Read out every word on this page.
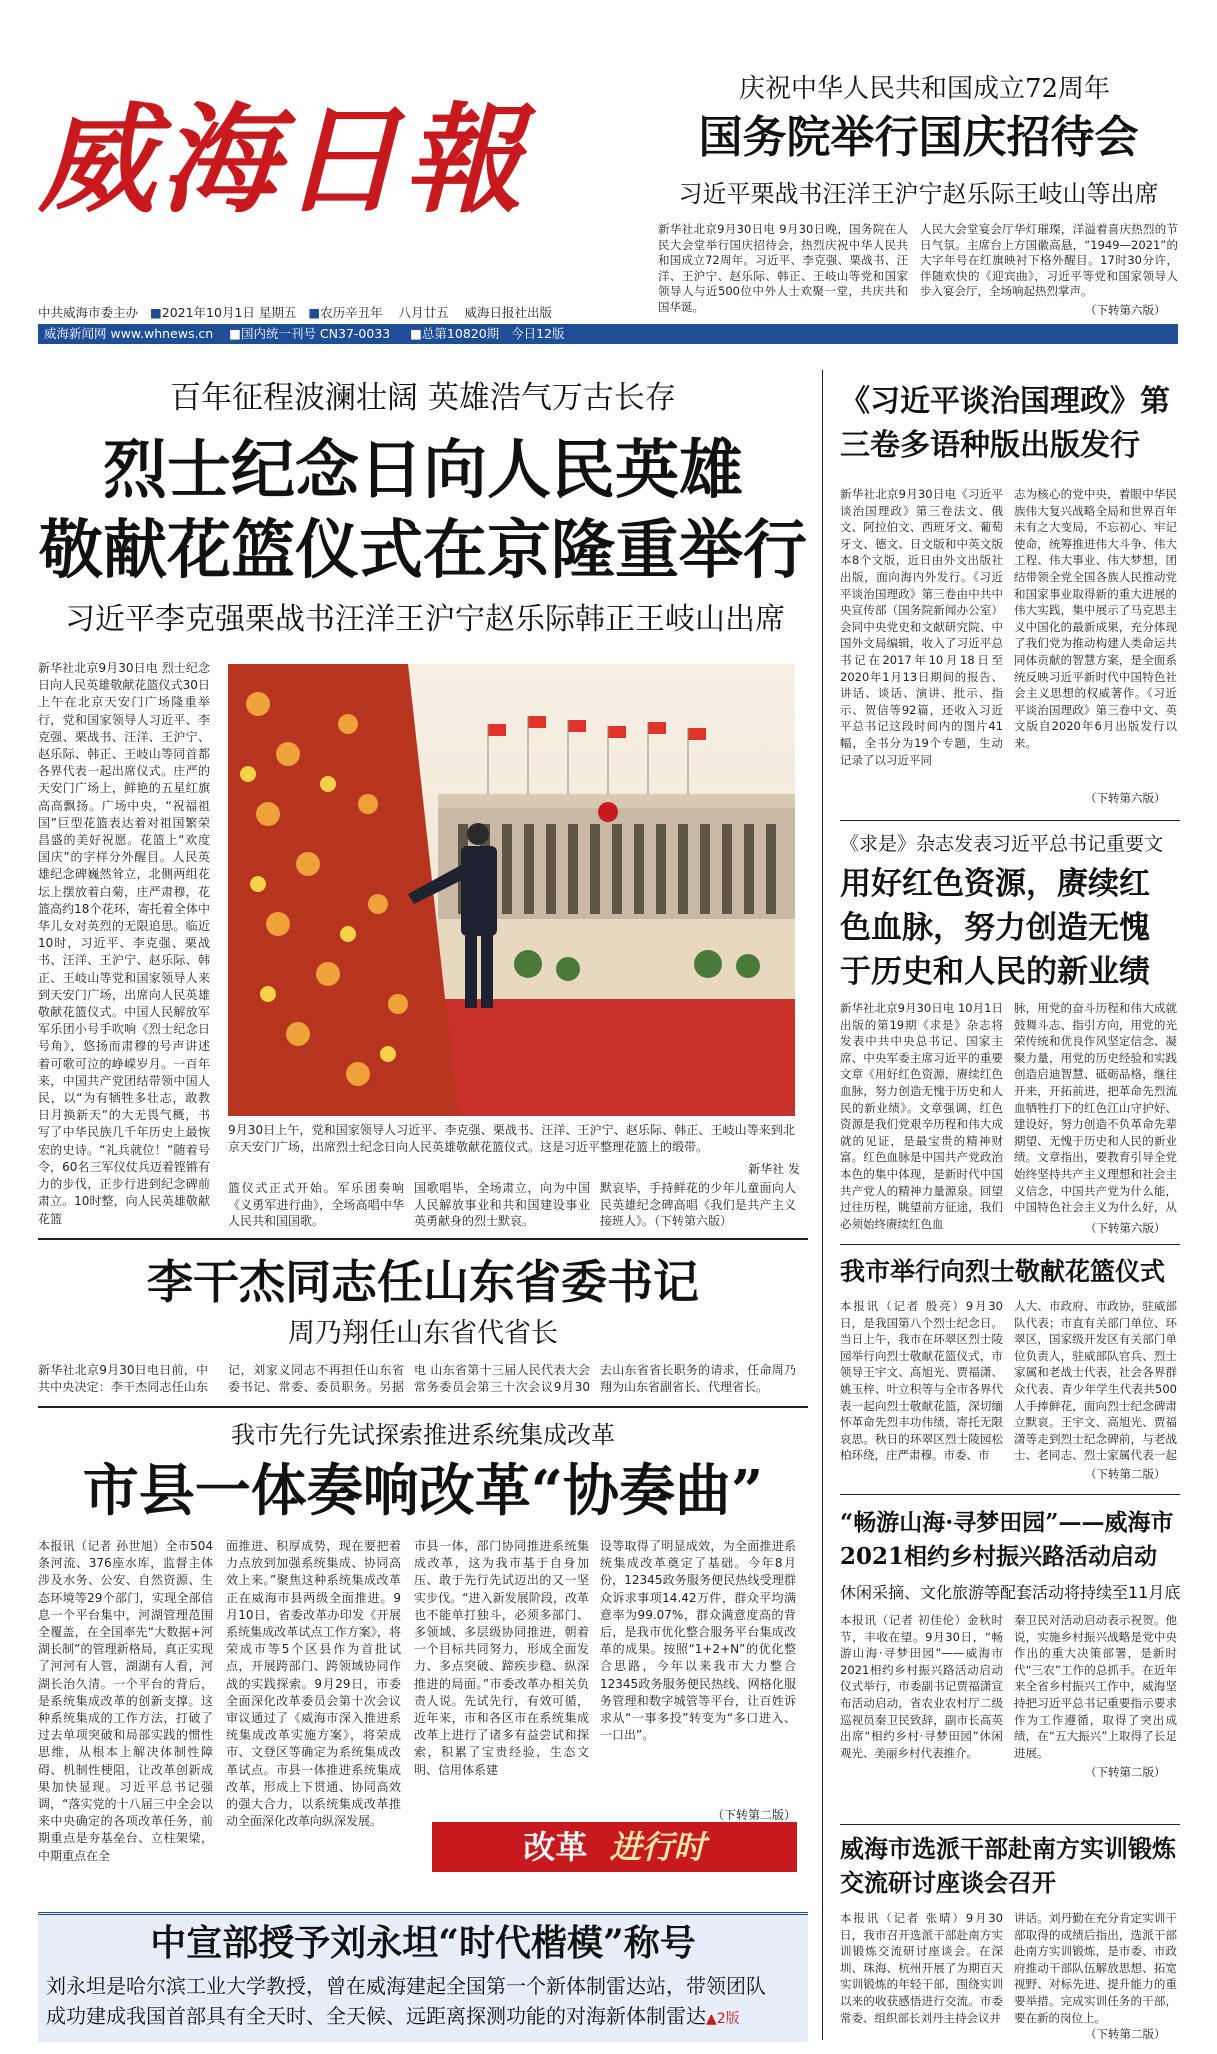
威海日報
中共威海市委主办 ■2021年10月1日 星期五 ■农历辛丑年 八月廿五 威海日报社出版
威海新闻网 www.whnews.cn ■国内统一刊号 CN37-0033 ■总第10820期 今日12版
庆祝中华人民共和国成立72周年
国务院举行国庆招待会
习近平栗战书汪洋王沪宁赵乐际王岐山等出席
新华社北京9月30日电 9月30日晚，国务院在人民大会堂举行国庆招待会，热烈庆祝中华人民共和国成立72周年。习近平、李克强、栗战书、汪洋、王沪宁、赵乐际、韩正、王岐山等党和国家领导人与近500位中外人士欢聚一堂，共庆共和国华诞。
人民大会堂宴会厅华灯璀璨，洋溢着喜庆热烈的节日气氛。主席台上方国徽高悬，“1949—2021”的大字年号在红旗映衬下格外醒目。17时30分许，伴随欢快的《迎宾曲》，习近平等党和国家领导人步入宴会厅，全场响起热烈掌声。
（下转第六版）
百年征程波澜壮阔 英雄浩气万古长存
烈士纪念日向人民英雄
敬献花篮仪式在京隆重举行
习近平李克强栗战书汪洋王沪宁赵乐际韩正王岐山出席
新华社北京9月30日电 烈士纪念日向人民英雄敬献花篮仪式30日上午在北京天安门广场隆重举行，党和国家领导人习近平、李克强、栗战书、汪洋、王沪宁、赵乐际、韩正、王岐山等同首都各界代表一起出席仪式。庄严的天安门广场上，鲜艳的五星红旗高高飘扬。广场中央，“祝福祖国”巨型花篮表达着对祖国繁荣昌盛的美好祝愿。花篮上“欢度国庆”的字样分外醒目。人民英雄纪念碑巍然耸立，北侧两组花坛上摆放着白菊，庄严肃穆，花篮高约18个花环，寄托着全体中华儿女对英烈的无限追思。临近10时，习近平、李克强、栗战书、汪洋、王沪宁、赵乐际、韩正、王岐山等党和国家领导人来到天安门广场，出席向人民英雄敬献花篮仪式。中国人民解放军军乐团小号手吹响《烈士纪念日号角》，悠扬而肃穆的号声讲述着可歌可泣的峥嵘岁月。一百年来，中国共产党团结带领中国人民，以“为有牺牲多壮志，敢教日月换新天”的大无畏气概，书写了中华民族几千年历史上最恢宏的史诗。“礼兵就位！”随着号令，60名三军仪仗兵迈着铿锵有力的步伐，正步行进到纪念碑前肃立。10时整，向人民英雄敬献花篮
9月30日上午，党和国家领导人习近平、李克强、栗战书、汪洋、王沪宁、赵乐际、韩正、王岐山等来到北京天安门广场，出席烈士纪念日向人民英雄敬献花篮仪式。这是习近平整理花篮上的缎带。
新华社 发
篮仪式正式开始。军乐团奏响《义勇军进行曲》，全场高唱中华人民共和国国歌。
国歌唱毕，全场肃立，向为中国人民解放事业和共和国建设事业英勇献身的烈士默哀。
默哀毕，手持鲜花的少年儿童面向人民英雄纪念碑高唱《我们是共产主义接班人》。（下转第六版）
李干杰同志任山东省委书记
周乃翔任山东省代省长
新华社北京9月30日电日前，中共中央决定：李干杰同志任山东
记，刘家义同志不再担任山东省委书记、常委、委员职务。另据
电 山东省第十三届人民代表大会常务委员会第三十次会议9月30
去山东省省长职务的请求，任命周乃翔为山东省副省长、代理省长。
我市先行先试探索推进系统集成改革
市县一体奏响改革“协奏曲”
本报讯（记者 孙世旭）全市504条河流、376座水库，监督主体涉及水务、公安、自然资源、生态环境等29个部门，实现全部信息一个平台集中，河湖管理范围全覆盖，在全国率先“大数据+河湖长制”的管理新格局，真正实现了河河有人管，湖湖有人看，河湖长治久清。一个平台的背后，是系统集成改革的创新支撑。这种系统集成的工作方法，打破了过去单项突破和局部实践的惯性思维，从根本上解决体制性障碍、机制性梗阻，让改革创新成果加快显现。习近平总书记强调，“落实党的十八届三中全会以来中央确定的各项改革任务，前期重点是夯基垒台、立柱架梁，中期重点在全
面推进、积厚成势，现在要把着力点放到加强系统集成、协同高效上来。”聚焦这种系统集成改革正在威海市县两级全面推进。9月10日，省委改革办印发《开展系统集成改革试点工作方案》，将荣成市等5个区县作为首批试点，开展跨部门、跨领域协同作战的实践探索。9月29日，市委全面深化改革委员会第十次会议审议通过了《威海市深入推进系统集成改革实施方案》，将荣成市、文登区等确定为系统集成改革试点。市县一体推进系统集成改革，形成上下贯通、协同高效的强大合力，以系统集成改革推动全面深化改革向纵深发展。
市县一体，部门协同推进系统集成改革，这为我市基于自身加压、敢于先行先试迈出的又一坚实步伐。“进入新发展阶段，改革也不能单打独斗，必须多部门、多领域、多层级协同推进，朝着一个目标共同努力，形成全面发力、多点突破、蹄疾步稳、纵深推进的局面。”市委改革办相关负责人说。先试先行，有效可循，近年来，市和各区市在系统集成改革上进行了诸多有益尝试和探索，积累了宝贵经验，生态文明、信用体系建
设等取得了明显成效，为全面推进系统集成改革奠定了基础。今年8月份，12345政务服务便民热线受理群众诉求事项14.42万件，群众平均满意率为99.07%，群众满意度高的背后，是我市优化整合服务平台集成改革的成果。按照“1+2+N”的优化整合思路，今年以来我市大力整合12345政务服务便民热线、网格化服务管理和数字城管等平台，让百姓诉求从“一事多投”转变为“多口进入、一口出”。
（下转第二版）
改革 进行时
中宣部授予刘永坦“时代楷模”称号
刘永坦是哈尔滨工业大学教授，曾在威海建起全国第一个新体制雷达站，带领团队
成功建成我国首部具有全天时、全天候、远距离探测功能的对海新体制雷达▲2版
《习近平谈治国理政》第三卷多语种版出版发行
新华社北京9月30日电《习近平谈治国理政》第三卷法文、俄文、阿拉伯文、西班牙文、葡萄牙文、德文、日文版和中英文版本8个文版，近日由外文出版社出版，面向海内外发行。《习近平谈治国理政》第三卷由中共中央宣传部（国务院新闻办公室）会同中央党史和文献研究院、中国外文局编辑，收入了习近平总书记在2017年10月18日至2020年1月13日期间的报告、讲话、谈话、演讲、批示、指示、贺信等92篇，还收入习近平总书记这段时间内的图片41幅，全书分为19个专题，生动记录了以习近平同
志为核心的党中央，着眼中华民族伟大复兴战略全局和世界百年未有之大变局，不忘初心、牢记使命，统筹推进伟大斗争、伟大工程、伟大事业、伟大梦想，团结带领全党全国各族人民推动党和国家事业取得新的重大进展的伟大实践，集中展示了马克思主义中国化的最新成果，充分体现了我们党为推动构建人类命运共同体贡献的智慧方案，是全面系统反映习近平新时代中国特色社会主义思想的权威著作。《习近平谈治国理政》第三卷中文、英文版自2020年6月出版发行以来。
（下转第六版）
《求是》杂志发表习近平总书记重要文
用好红色资源，赓续红色血脉，努力创造无愧于历史和人民的新业绩
新华社北京9月30日电 10月1日出版的第19期《求是》杂志将发表中共中央总书记、国家主席、中央军委主席习近平的重要文章《用好红色资源，赓续红色血脉，努力创造无愧于历史和人民的新业绩》。文章强调，红色资源是我们党艰辛历程和伟大成就的见证，是最宝贵的精神财富。红色血脉是中国共产党政治本色的集中体现，是新时代中国共产党人的精神力量源泉。回望过往历程，眺望前方征途，我们必须始终赓续红色血
脉，用党的奋斗历程和伟大成就鼓舞斗志、指引方向，用党的光荣传统和优良作风坚定信念、凝聚力量，用党的历史经验和实践创造启迪智慧、砥砺品格，继往开来，开拓前进，把革命先烈流血牺牲打下的红色江山守护好、建设好，努力创造不负革命先辈期望、无愧于历史和人民的新业绩。文章指出，要教育引导全党始终坚持共产主义理想和社会主义信念，中国共产党为什么能，中国特色社会主义为什么好，从
（下转第六版）
我市举行向烈士敬献花篮仪式
本报讯（记者 殷亮）9月30日，是我国第八个烈士纪念日。当日上午，我市在环翠区烈士陵园举行向烈士敬献花篮仪式，市领导王宇文、高旭光、贾福潇、姚玉梓、叶立积等与全市各界代表一起向烈士敬献花篮，深切缅怀革命先烈丰功伟绩，寄托无限哀思。秋日的环翠区烈士陵园松柏环绕，庄严肃穆。市委、市
人大、市政府、市政协，驻威部队代表；市直有关部门单位、环翠区，国家级开发区有关部门单位负责人，驻威部队官兵、烈士家属和老战士代表，社会各界群众代表、青少年学生代表共500人手捧鲜花，面向烈士纪念碑肃立默哀。王宇文、高旭光、贾福潇等走到烈士纪念碑前，与老战士、老同志、烈士家属代表一起
（下转第二版）
“畅游山海·寻梦田园”——威海市2021相约乡村振兴路活动启动
休闲采摘、文化旅游等配套活动将持续至11月底
本报讯（记者 初佳伦）金秋时节，丰收在望。9月30日，“畅游山海·寻梦田园”——威海市2021相约乡村振兴路活动启动仪式举行，市委副书记贾福潇宣布活动启动，省农业农村厅二级巡视员秦卫民致辞，副市长高英出席“相约乡村·寻梦田园”休闲观光、美丽乡村代表推介。
秦卫民对活动启动表示祝贺。他说，实施乡村振兴战略是党中央作出的重大决策部署，是新时代“三农”工作的总抓手。在近年来全省乡村振兴工作中，威海坚持把习近平总书记重要指示要求作为工作遵循，取得了突出成绩，在“五大振兴”上取得了长足进展。
（下转第二版）
威海市选派干部赴南方实训锻炼交流研讨座谈会召开
本报讯（记者 张晴）9月30日，我市召开选派干部赴南方实训锻炼交流研讨座谈会。在深圳、珠海、杭州开展了为期百天实训锻炼的年轻干部，围绕实训以来的收获感悟进行交流。市委常委、组织部长刘丹主持会议并
讲话。刘丹勤在充分肯定实训干部取得的成绩后指出，选派干部赴南方实训锻炼，是市委、市政府推动干部队伍解放思想、拓宽视野、对标先进、提升能力的重要举措。完成实训任务的干部，要在新的岗位上。
（下转第二版）
